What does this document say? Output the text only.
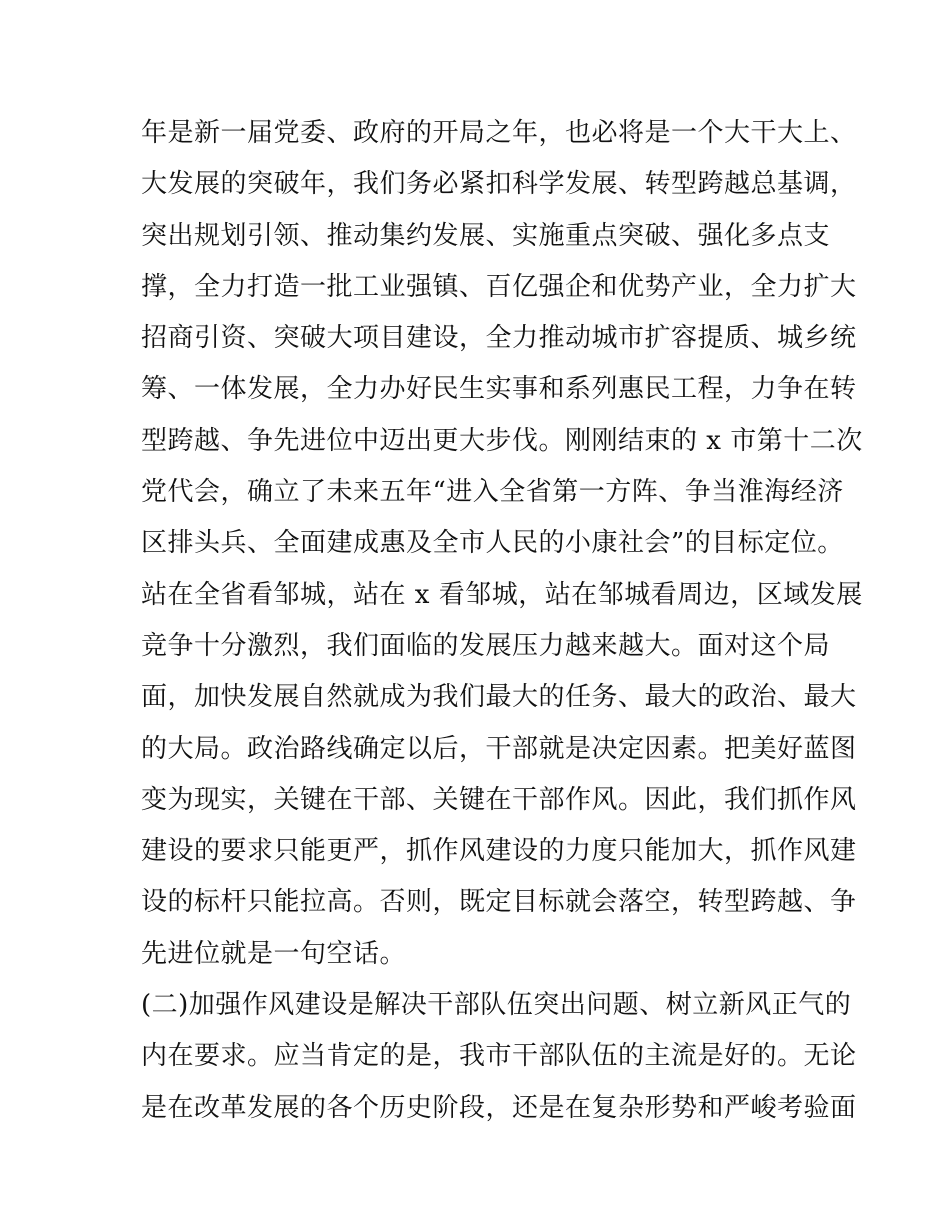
年是新一届党委、政府的开局之年，也必将是一个大干大上、
大发展的突破年，我们务必紧扣科学发展、转型跨越总基调，
突出规划引领、推动集约发展、实施重点突破、强化多点支
撑，全力打造一批工业强镇、百亿强企和优势产业，全力扩大
招商引资、突破大项目建设，全力推动城市扩容提质、城乡统
筹、一体发展，全力办好民生实事和系列惠民工程，力争在转
型跨越、争先进位中迈出更大步伐。刚刚结束的 x 市第十二次
党代会，确立了未来五年“进入全省第一方阵、争当淮海经济
区排头兵、全面建成惠及全市人民的小康社会”的目标定位。
站在全省看邹城，站在 x 看邹城，站在邹城看周边，区域发展
竞争十分激烈，我们面临的发展压力越来越大。面对这个局
面，加快发展自然就成为我们最大的任务、最大的政治、最大
的大局。政治路线确定以后，干部就是决定因素。把美好蓝图
变为现实，关键在干部、关键在干部作风。因此，我们抓作风
建设的要求只能更严，抓作风建设的力度只能加大，抓作风建
设的标杆只能拉高。否则，既定目标就会落空，转型跨越、争
先进位就是一句空话。
(二)加强作风建设是解决干部队伍突出问题、树立新风正气的
内在要求。应当肯定的是，我市干部队伍的主流是好的。无论
是在改革发展的各个历史阶段，还是在复杂形势和严峻考验面
